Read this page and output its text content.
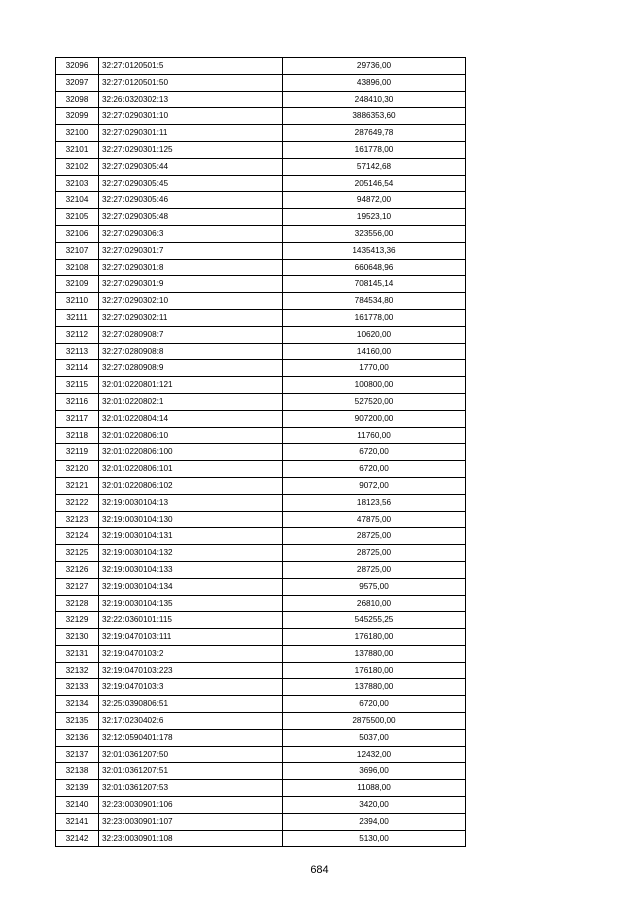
32096	32:27:0120501:5	29736,00
32097	32:27:0120501:50	43896,00
32098	32:26:0320302:13	248410,30
32099	32:27:0290301:10	3886353,60
32100	32:27:0290301:11	287649,78
32101	32:27:0290301:125	161778,00
32102	32:27:0290305:44	57142,68
32103	32:27:0290305:45	205146,54
32104	32:27:0290305:46	94872,00
32105	32:27:0290305:48	19523,10
32106	32:27:0290306:3	323556,00
32107	32:27:0290301:7	1435413,36
32108	32:27:0290301:8	660648,96
32109	32:27:0290301:9	708145,14
32110	32:27:0290302:10	784534,80
32111	32:27:0290302:11	161778,00
32112	32:27:0280908:7	10620,00
32113	32:27:0280908:8	14160,00
32114	32:27:0280908:9	1770,00
32115	32:01:0220801:121	100800,00
32116	32:01:0220802:1	527520,00
32117	32:01:0220804:14	907200,00
32118	32:01:0220806:10	11760,00
32119	32:01:0220806:100	6720,00
32120	32:01:0220806:101	6720,00
32121	32:01:0220806:102	9072,00
32122	32:19:0030104:13	18123,56
32123	32:19:0030104:130	47875,00
32124	32:19:0030104:131	28725,00
32125	32:19:0030104:132	28725,00
32126	32:19:0030104:133	28725,00
32127	32:19:0030104:134	9575,00
32128	32:19:0030104:135	26810,00
32129	32:22:0360101:115	545255,25
32130	32:19:0470103:111	176180,00
32131	32:19:0470103:2	137880,00
32132	32:19:0470103:223	176180,00
32133	32:19:0470103:3	137880,00
32134	32:25:0390806:51	6720,00
32135	32:17:0230402:6	2875500,00
32136	32:12:0590401:178	5037,00
32137	32:01:0361207:50	12432,00
32138	32:01:0361207:51	3696,00
32139	32:01:0361207:53	11088,00
32140	32:23:0030901:106	3420,00
32141	32:23:0030901:107	2394,00
32142	32:23:0030901:108	5130,00
684
